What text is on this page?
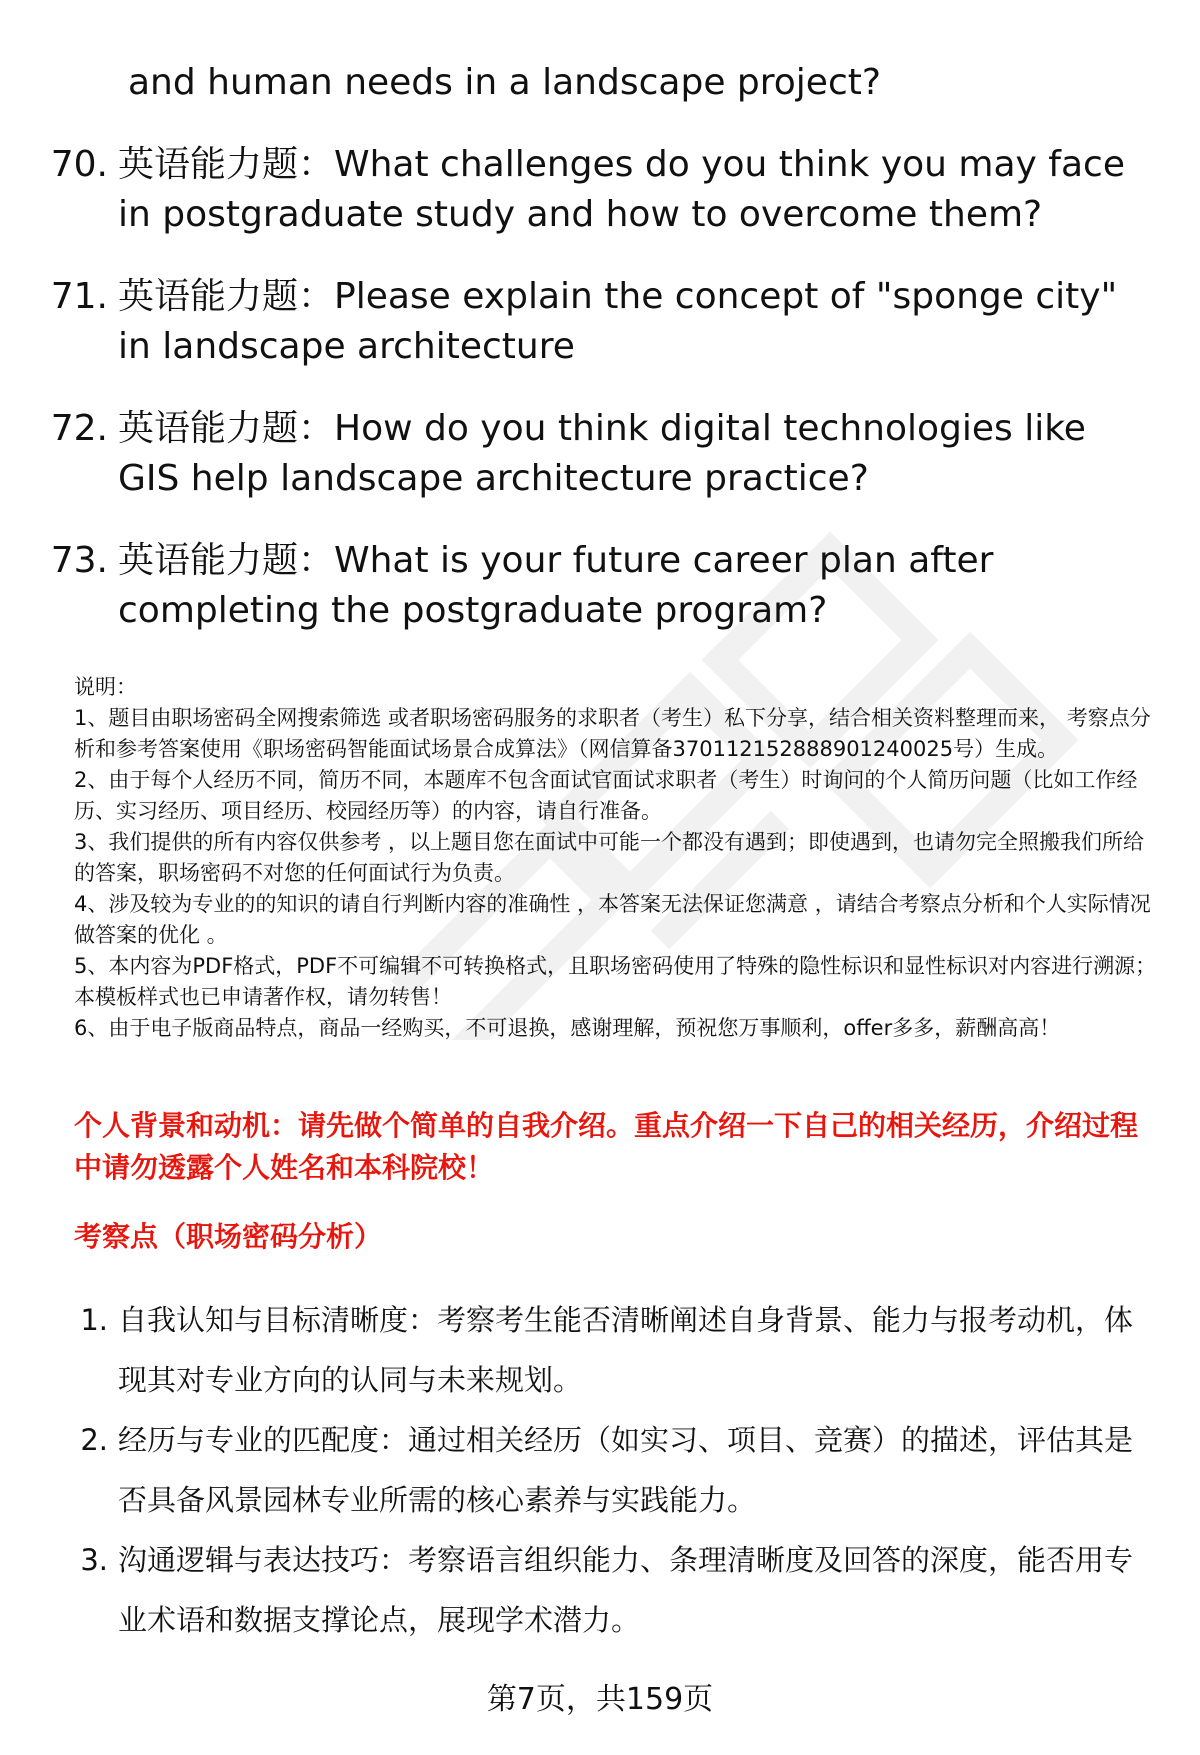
and human needs in a landscape project?
70. 英语能力题：What challenges do you think you may face in postgraduate study and how to overcome them?
71. 英语能力题：Please explain the concept of "sponge city" in landscape architecture
72. 英语能力题：How do you think digital technologies like GIS help landscape architecture practice?
73. 英语能力题：What is your future career plan after completing the postgraduate program?

说明：

1、题目由职场密码全网搜索筛选 或者职场密码服务的求职者（考生）私下分享，结合相关资料整理而来， 考察点分析和参考答案使用《职场密码智能面试场景合成算法》（网信算备370112152888901240025号）生成。

2、由于每个人经历不同，简历不同，本题库不包含面试官面试求职者（考生）时询问的个人简历问题（比如工作经历、实习经历、项目经历、校园经历等）的内容，请自行准备。

3、我们提供的所有内容仅供参考 ，以上题目您在面试中可能一个都没有遇到；即使遇到，也请勿完全照搬我们所给的答案，职场密码不对您的任何面试行为负责。

4、涉及较为专业的的知识的请自行判断内容的准确性 ，本答案无法保证您满意 ，请结合考察点分析和个人实际情况做答案的优化 。

5、本内容为PDF格式，PDF不可编辑不可转换格式，且职场密码使用了特殊的隐性标识和显性标识对内容进行溯源；本模板样式也已申请著作权，请勿转售！

6、由于电子版商品特点，商品一经购买，不可退换，感谢理解，预祝您万事顺利，offer多多，薪酬高高！

个人背景和动机：请先做个简单的自我介绍。重点介绍一下自己的相关经历，介绍过程中请勿透露个人姓名和本科院校！
考察点（职场密码分析）
1. 自我认知与目标清晰度：考察考生能否清晰阐述自身背景、能力与报考动机，体现其对专业方向的认同与未来规划。
2. 经历与专业的匹配度：通过相关经历（如实习、项目、竞赛）的描述，评估其是否具备风景园林专业所需的核心素养与实践能力。
3. 沟通逻辑与表达技巧：考察语言组织能力、条理清晰度及回答的深度，能否用专业术语和数据支撑论点，展现学术潜力。
第7页，共159页
